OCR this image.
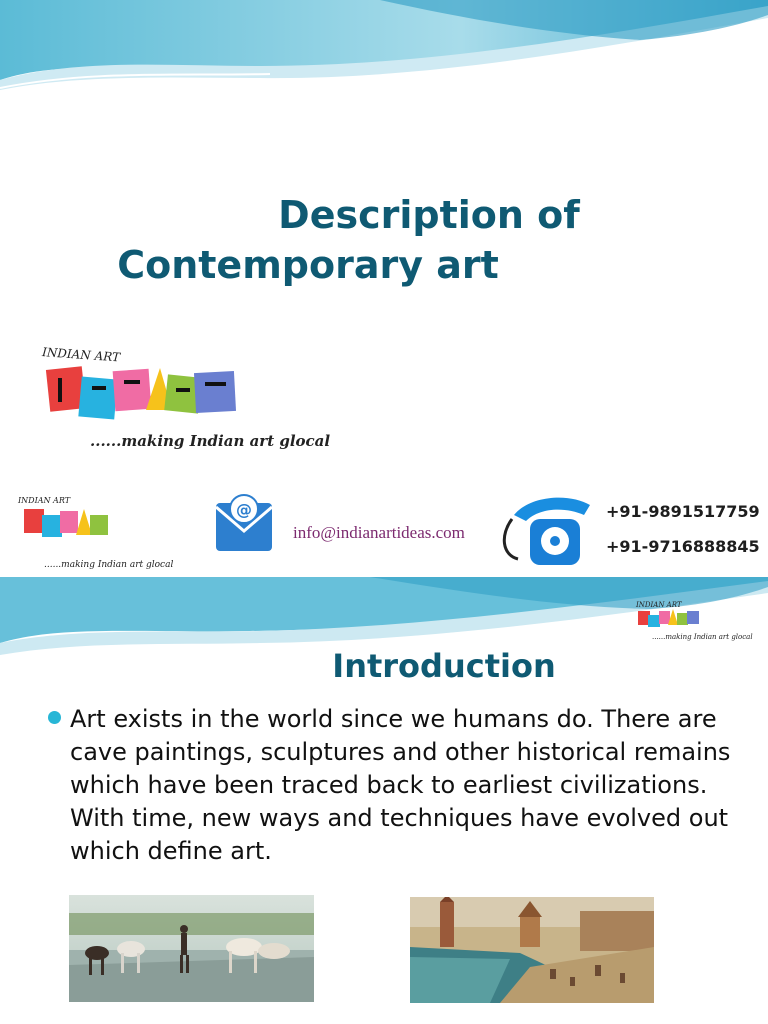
Description of
Contemporary art
INDIAN ART
......making Indian art glocal
INDIAN ART
......making Indian art glocal
@
info@indianartideas.com
+91-9891517759
+91-9716888845
INDIAN ART
......making Indian art glocal
Introduction
Art exists in the world since we humans do. There are cave paintings, sculptures and other historical remains which have been traced back to earliest civilizations. With time, new ways and techniques have evolved out which define art.
